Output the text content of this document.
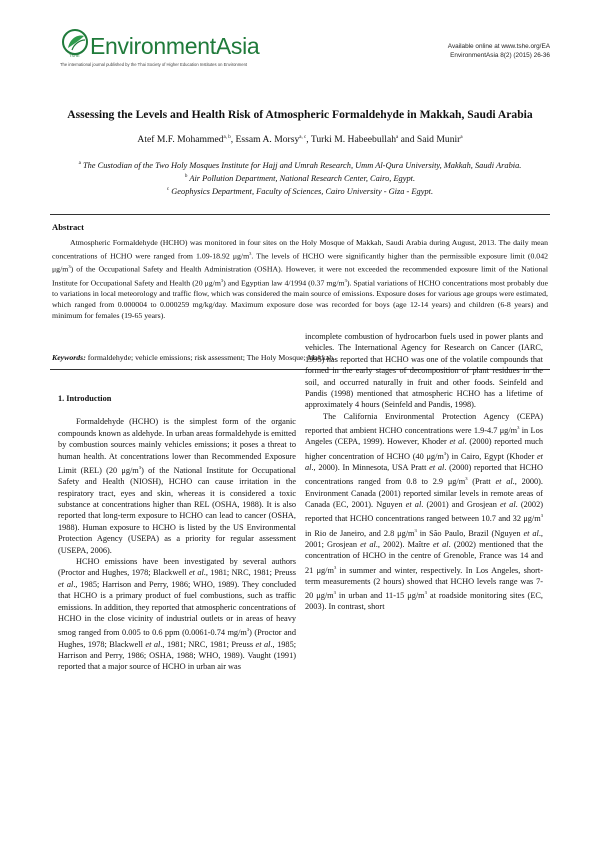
TSHE EnvironmentAsia
The international journal published by the Thai Society of Higher Education Institutes on Environment
Available online at www.tshe.org/EA
EnvironmentAsia 8(2) (2015) 26-36
Assessing the Levels and Health Risk of Atmospheric Formaldehyde in Makkah, Saudi Arabia
Atef M.F. Mohammed$^{a, b}$, Essam A. Morsy$^{a, c}$, Turki M. Habeebullah$^a$ and Said Munir$^a$
$^a$ The Custodian of the Two Holy Mosques Institute for Hajj and Umrah Research, Umm Al-Qura University, Makkah, Saudi Arabia.
$^b$ Air Pollution Department, National Research Center, Cairo, Egypt.
$^c$ Geophysics Department, Faculty of Sciences, Cairo University - Giza - Egypt.
Abstract
Atmospheric Formaldehyde (HCHO) was monitored in four sites on the Holy Mosque of Makkah, Saudi Arabia during August, 2013. The daily mean concentrations of HCHO were ranged from 1.09-18.92 $\mu g/m^3$. The levels of HCHO were significantly higher than the permissible exposure limit (0.042 $\mu g/m^3$) of the Occupational Safety and Health Administration (OSHA). However, it were not exceeded the recommended exposure limit of the National Institute for Occupational Safety and Health (20 $\mu g/m^3$) and Egyptian law 4/1994 (0.37 $mg/m^3$). Spatial variations of HCHO concentrations most probably due to variations in local meteorology and traffic flow, which was considered the main source of emissions. Exposure doses for various age groups were estimated, which ranged from 0.000004 to 0.000259 mg/kg/day. Maximum exposure dose was recorded for boys (age 12-14 years) and children (6-8 years) and minimum for females (19-65 years).
Keywords: formaldehyde; vehicle emissions; risk assessment; The Holy Mosque; Makkah.

1. Introduction

Formaldehyde (HCHO) is the simplest form of the organic compounds known as aldehyde. In urban areas formaldehyde is emitted by combustion sources mainly vehicles emissions; it poses a threat to human health. At concentrations lower than Recommended Exposure Limit (REL) (20 $\mu g/m^3$) of the National Institute for Occupational Safety and Health (NIOSH), HCHO can cause irritation in the respiratory tract, eyes and skin, whereas it is considered a toxic substance at concentrations higher than REL (OSHA, 1988). It is also reported that long-term exposure to HCHO can lead to cancer (OSHA, 1988). Human exposure to HCHO is listed by the US Environmental Protection Agency (USEPA) as a priority for regular assessment (USEPA, 2006).

HCHO emissions have been investigated by several authors (Proctor and Hughes, 1978; Blackwell et al., 1981; NRC, 1981; Preuss et al., 1985; Harrison and Perry, 1986; WHO, 1989). They concluded that HCHO is a primary product of fuel combustions, such as traffic emissions. In addition, they reported that atmospheric concentrations of HCHO in the close vicinity of industrial outlets or in areas of heavy smog ranged from 0.005 to 0.6 ppm (0.0061-0.74 $mg/m^3$) (Proctor and Hughes, 1978; Blackwell et al., 1981; NRC, 1981; Preuss et al., 1985; Harrison and Perry, 1986; OSHA, 1988; WHO, 1989). Vaught (1991) reported that a major source of HCHO in urban air was

incomplete combustion of hydrocarbon fuels used in power plants and vehicles. The International Agency for Research on Cancer (IARC, 1995) has reported that HCHO was one of the volatile compounds that formed in the early stages of decomposition of plant residues in the soil, and occurred naturally in fruit and other foods. Seinfeld and Pandis (1998) mentioned that atmospheric HCHO has a lifetime of approximately 4 hours (Seinfeld and Pandis, 1998).

The California Environmental Protection Agency (CEPA) reported that ambient HCHO concentrations were 1.9-4.7 $\mu g/m^3$ in Los Angeles (CEPA, 1999). However, Khoder et al. (2000) reported much higher concentration of HCHO (40 $\mu g/m^3$) in Cairo, Egypt (Khoder et al., 2000). In Minnesota, USA Pratt et al. (2000) reported that HCHO concentrations ranged from 0.8 to 2.9 $\mu g/m^3$ (Pratt et al., 2000). Environment Canada (2001) reported similar levels in remote areas of Canada (EC, 2001). Nguyen et al. (2001) and Grosjean et al. (2002) reported that HCHO concentrations ranged between 10.7 and 32 $\mu g/m^3$ in Rio de Janeiro, and 2.8 $\mu g/m^3$ in São Paulo, Brazil (Nguyen et al., 2001; Grosjean et al., 2002). Maître et al. (2002) mentioned that the concentration of HCHO in the centre of Grenoble, France was 14 and 21 $\mu g/m^3$ in summer and winter, respectively. In Los Angeles, short-term measurements (2 hours) showed that HCHO levels range was 7-20 $\mu g/m^3$ in urban and 11-15 $\mu g/m^3$ at roadside monitoring sites (EC, 2003). In contrast, short
